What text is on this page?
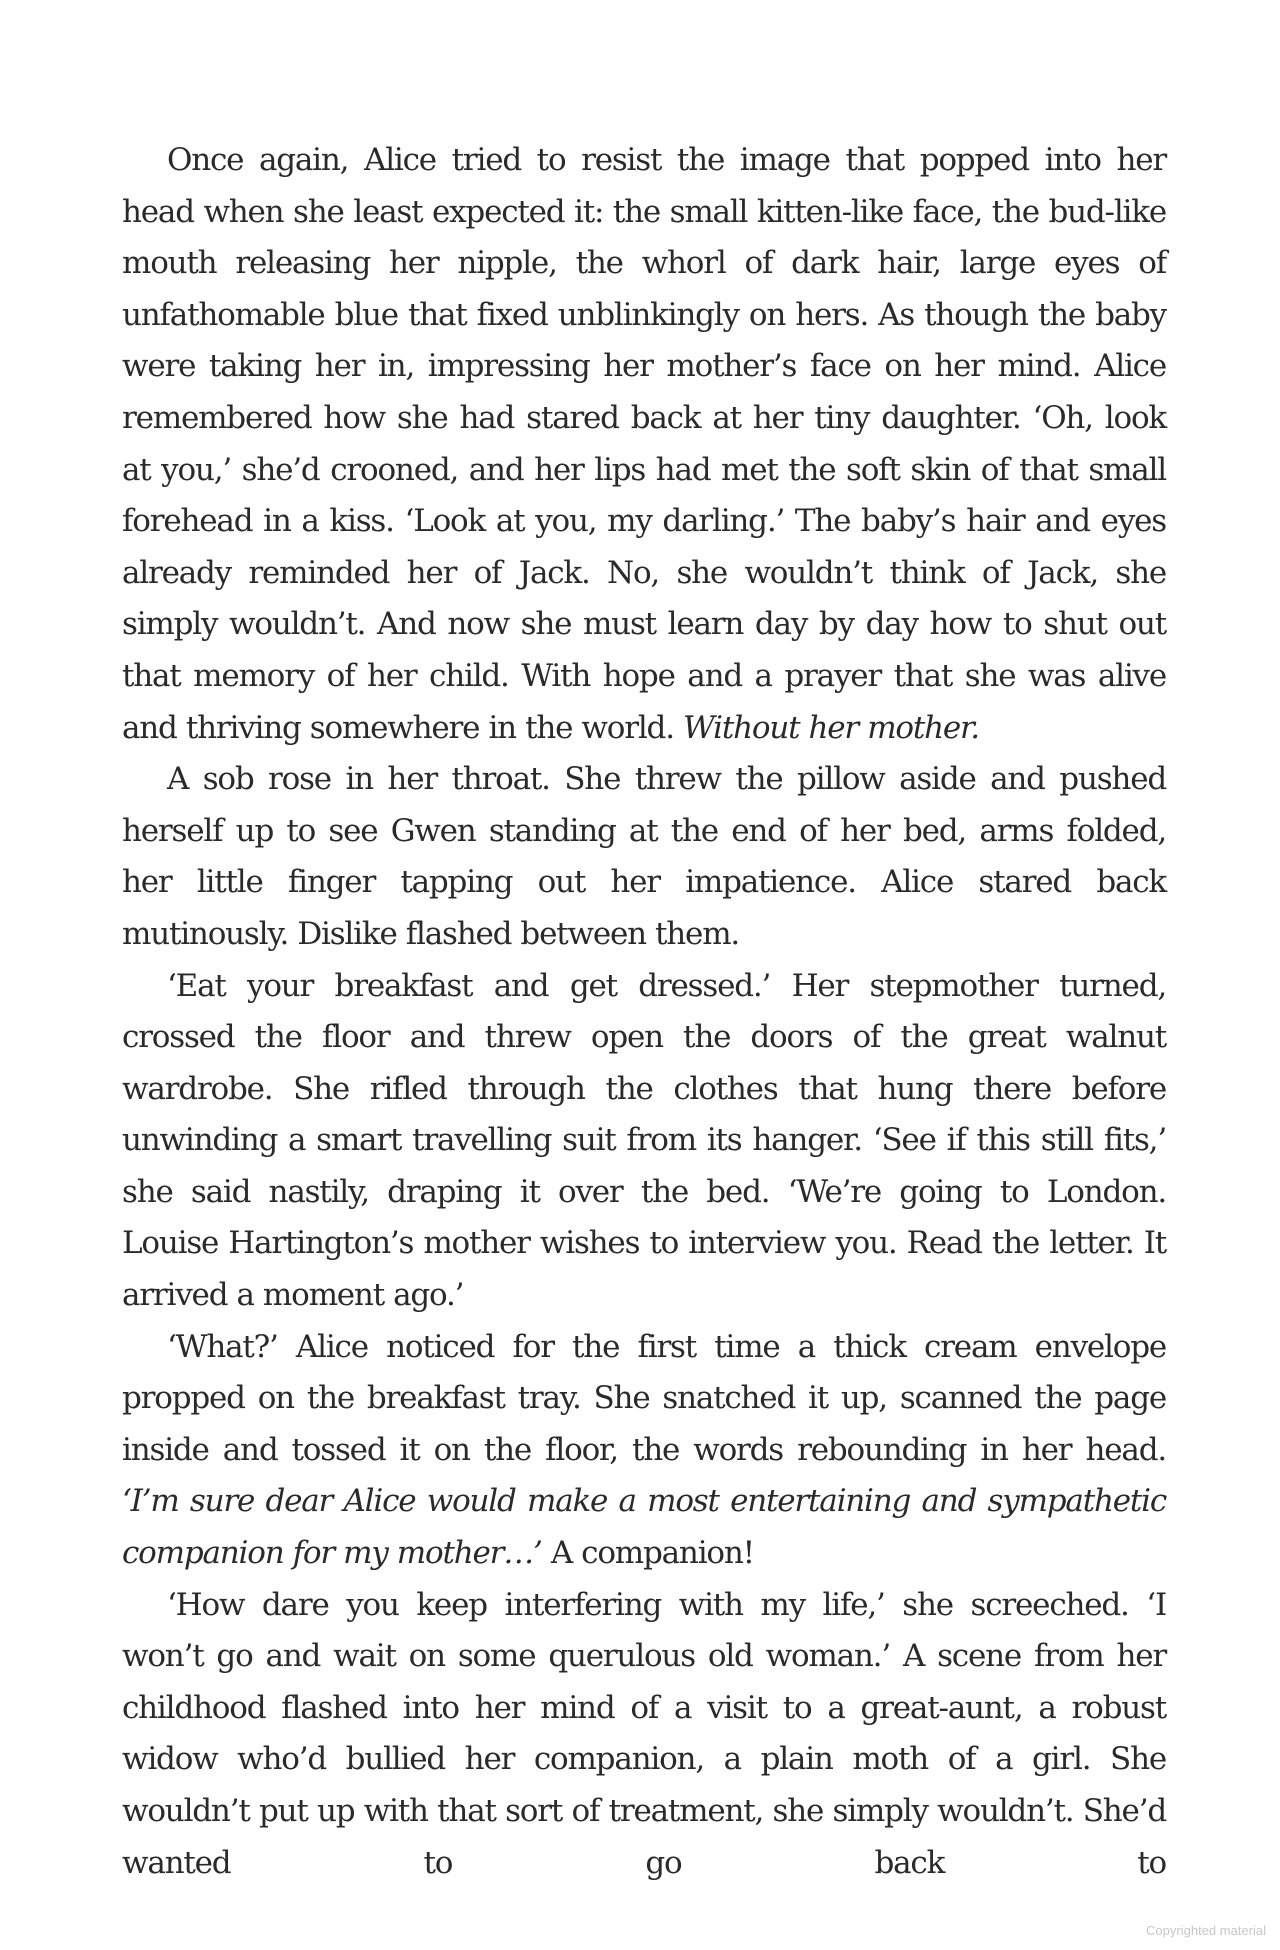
Once again, Alice tried to resist the image that popped into her head when she least expected it: the small kitten-like face, the bud-like mouth releasing her nipple, the whorl of dark hair, large eyes of unfathomable blue that fixed unblinkingly on hers. As though the baby were taking her in, impressing her mother’s face on her mind. Alice remembered how she had stared back at her tiny daughter. ‘Oh, look at you,’ she’d crooned, and her lips had met the soft skin of that small forehead in a kiss. ‘Look at you, my darling.’ The baby’s hair and eyes already reminded her of Jack. No, she wouldn’t think of Jack, she simply wouldn’t. And now she must learn day by day how to shut out that memory of her child. With hope and a prayer that she was alive and thriving somewhere in the world. Without her mother.

A sob rose in her throat. She threw the pillow aside and pushed herself up to see Gwen standing at the end of her bed, arms folded, her little finger tapping out her impatience. Alice stared back mutinously. Dislike flashed between them.

‘Eat your breakfast and get dressed.’ Her stepmother turned, crossed the floor and threw open the doors of the great walnut wardrobe. She rifled through the clothes that hung there before unwinding a smart travelling suit from its hanger. ‘See if this still fits,’ she said nastily, draping it over the bed. ‘We’re going to London. Louise Hartington’s mother wishes to interview you. Read the letter. It arrived a moment ago.’

‘What?’ Alice noticed for the first time a thick cream envelope propped on the breakfast tray. She snatched it up, scanned the page inside and tossed it on the floor, the words rebounding in her head. ‘I’m sure dear Alice would make a most entertaining and sympathetic companion for my mother…’ A companion!

‘How dare you keep interfering with my life,’ she screeched. ‘I won’t go and wait on some querulous old woman.’ A scene from her childhood flashed into her mind of a visit to a great-aunt, a robust widow who’d bullied her companion, a plain moth of a girl. She wouldn’t put up with that sort of treatment, she simply wouldn’t. She’d wanted to go back to

Copyrighted material
